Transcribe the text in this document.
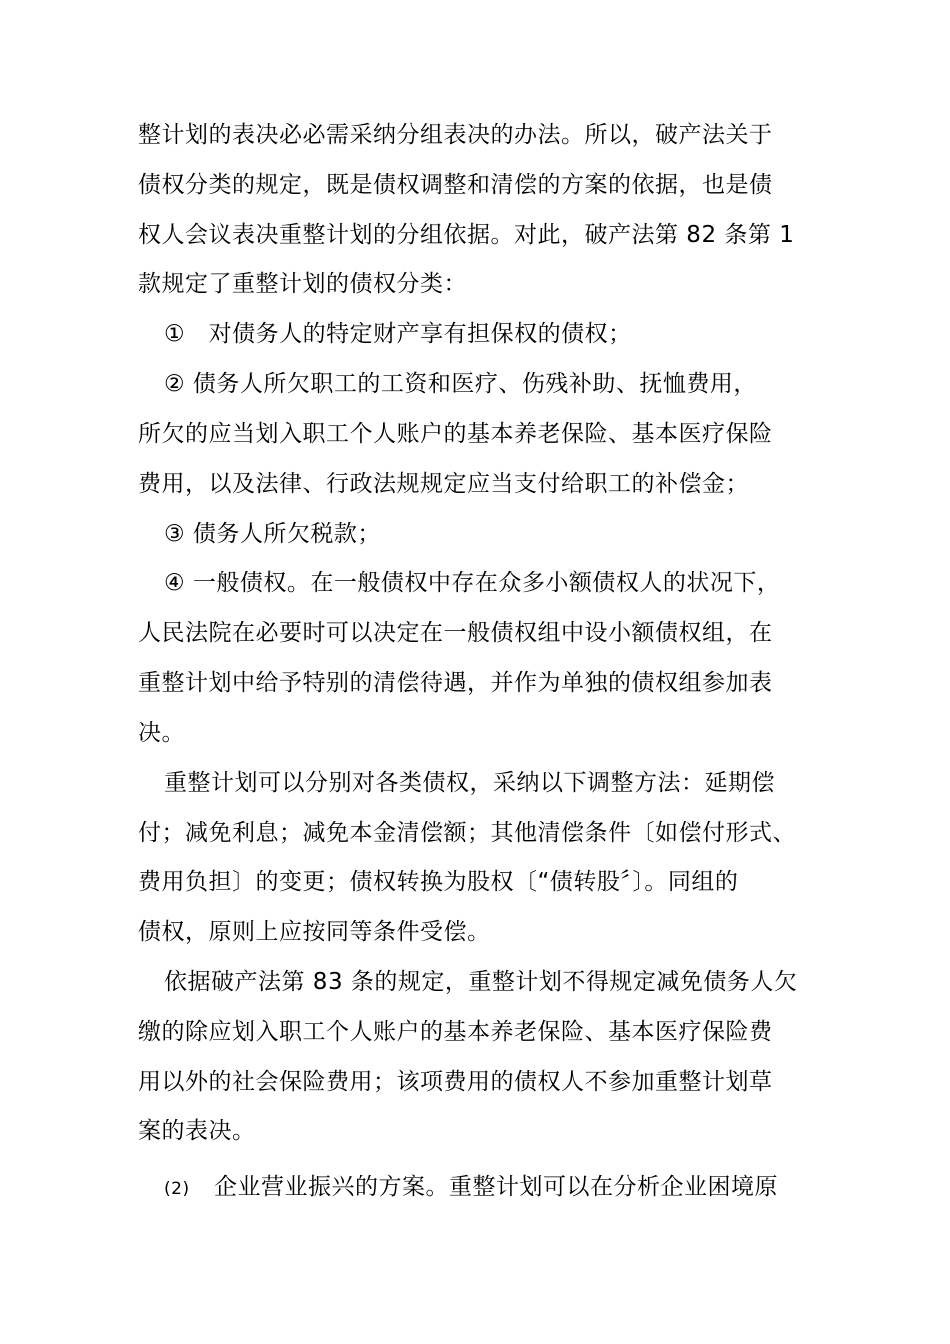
整计划的表决必必需采纳分组表决的办法。所以，破产法关于
债权分类的规定，既是债权调整和清偿的方案的依据，也是债
权人会议表决重整计划的分组依据。对此，破产法第 82 条第 1
款规定了重整计划的债权分类：
①　对债务人的特定财产享有担保权的债权；
② 债务人所欠职工的工资和医疗、伤残补助、抚恤费用，
所欠的应当划入职工个人账户的基本养老保险、基本医疗保险
费用，以及法律、行政法规规定应当支付给职工的补偿金；
③ 债务人所欠税款；
④ 一般债权。在一般债权中存在众多小额债权人的状况下，
人民法院在必要时可以决定在一般债权组中设小额债权组，在
重整计划中给予特别的清偿待遇，并作为单独的债权组参加表
决。
重整计划可以分别对各类债权，采纳以下调整方法：延期偿
付；减免利息；减免本金清偿额；其他清偿条件〔如偿付形式、
费用负担〕的变更；债权转换为股权〔“债转股〞〕。同组的
债权，原则上应按同等条件受偿。
依据破产法第 83 条的规定，重整计划不得规定减免债务人欠
缴的除应划入职工个人账户的基本养老保险、基本医疗保险费
用以外的社会保险费用；该项费用的债权人不参加重整计划草
案的表决。
(2) 企业营业振兴的方案。重整计划可以在分析企业困境原
